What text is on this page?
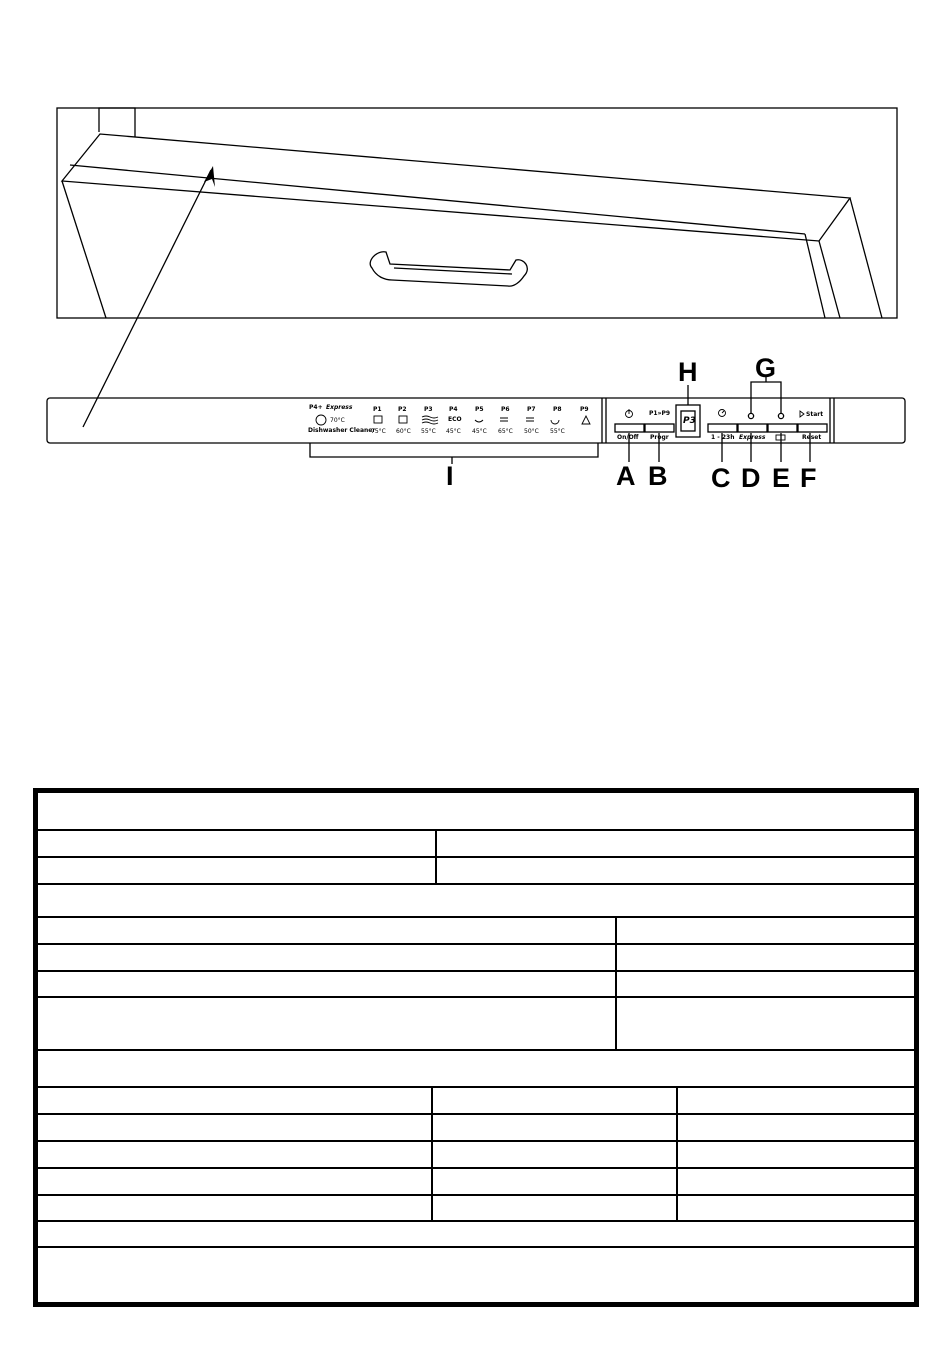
P3
P4+ Express
70°C
Dishwasher Cleaner
P1
75°C
P2
60°C
P3
55°C
P4
ECO
45°C
P5
45°C
P6
65°C
P7
50°C
P8
55°C
P9
On/Off
P1»P9
Progr	1 - 23h Express
Start
Reset
H G
I	A B C D E F
